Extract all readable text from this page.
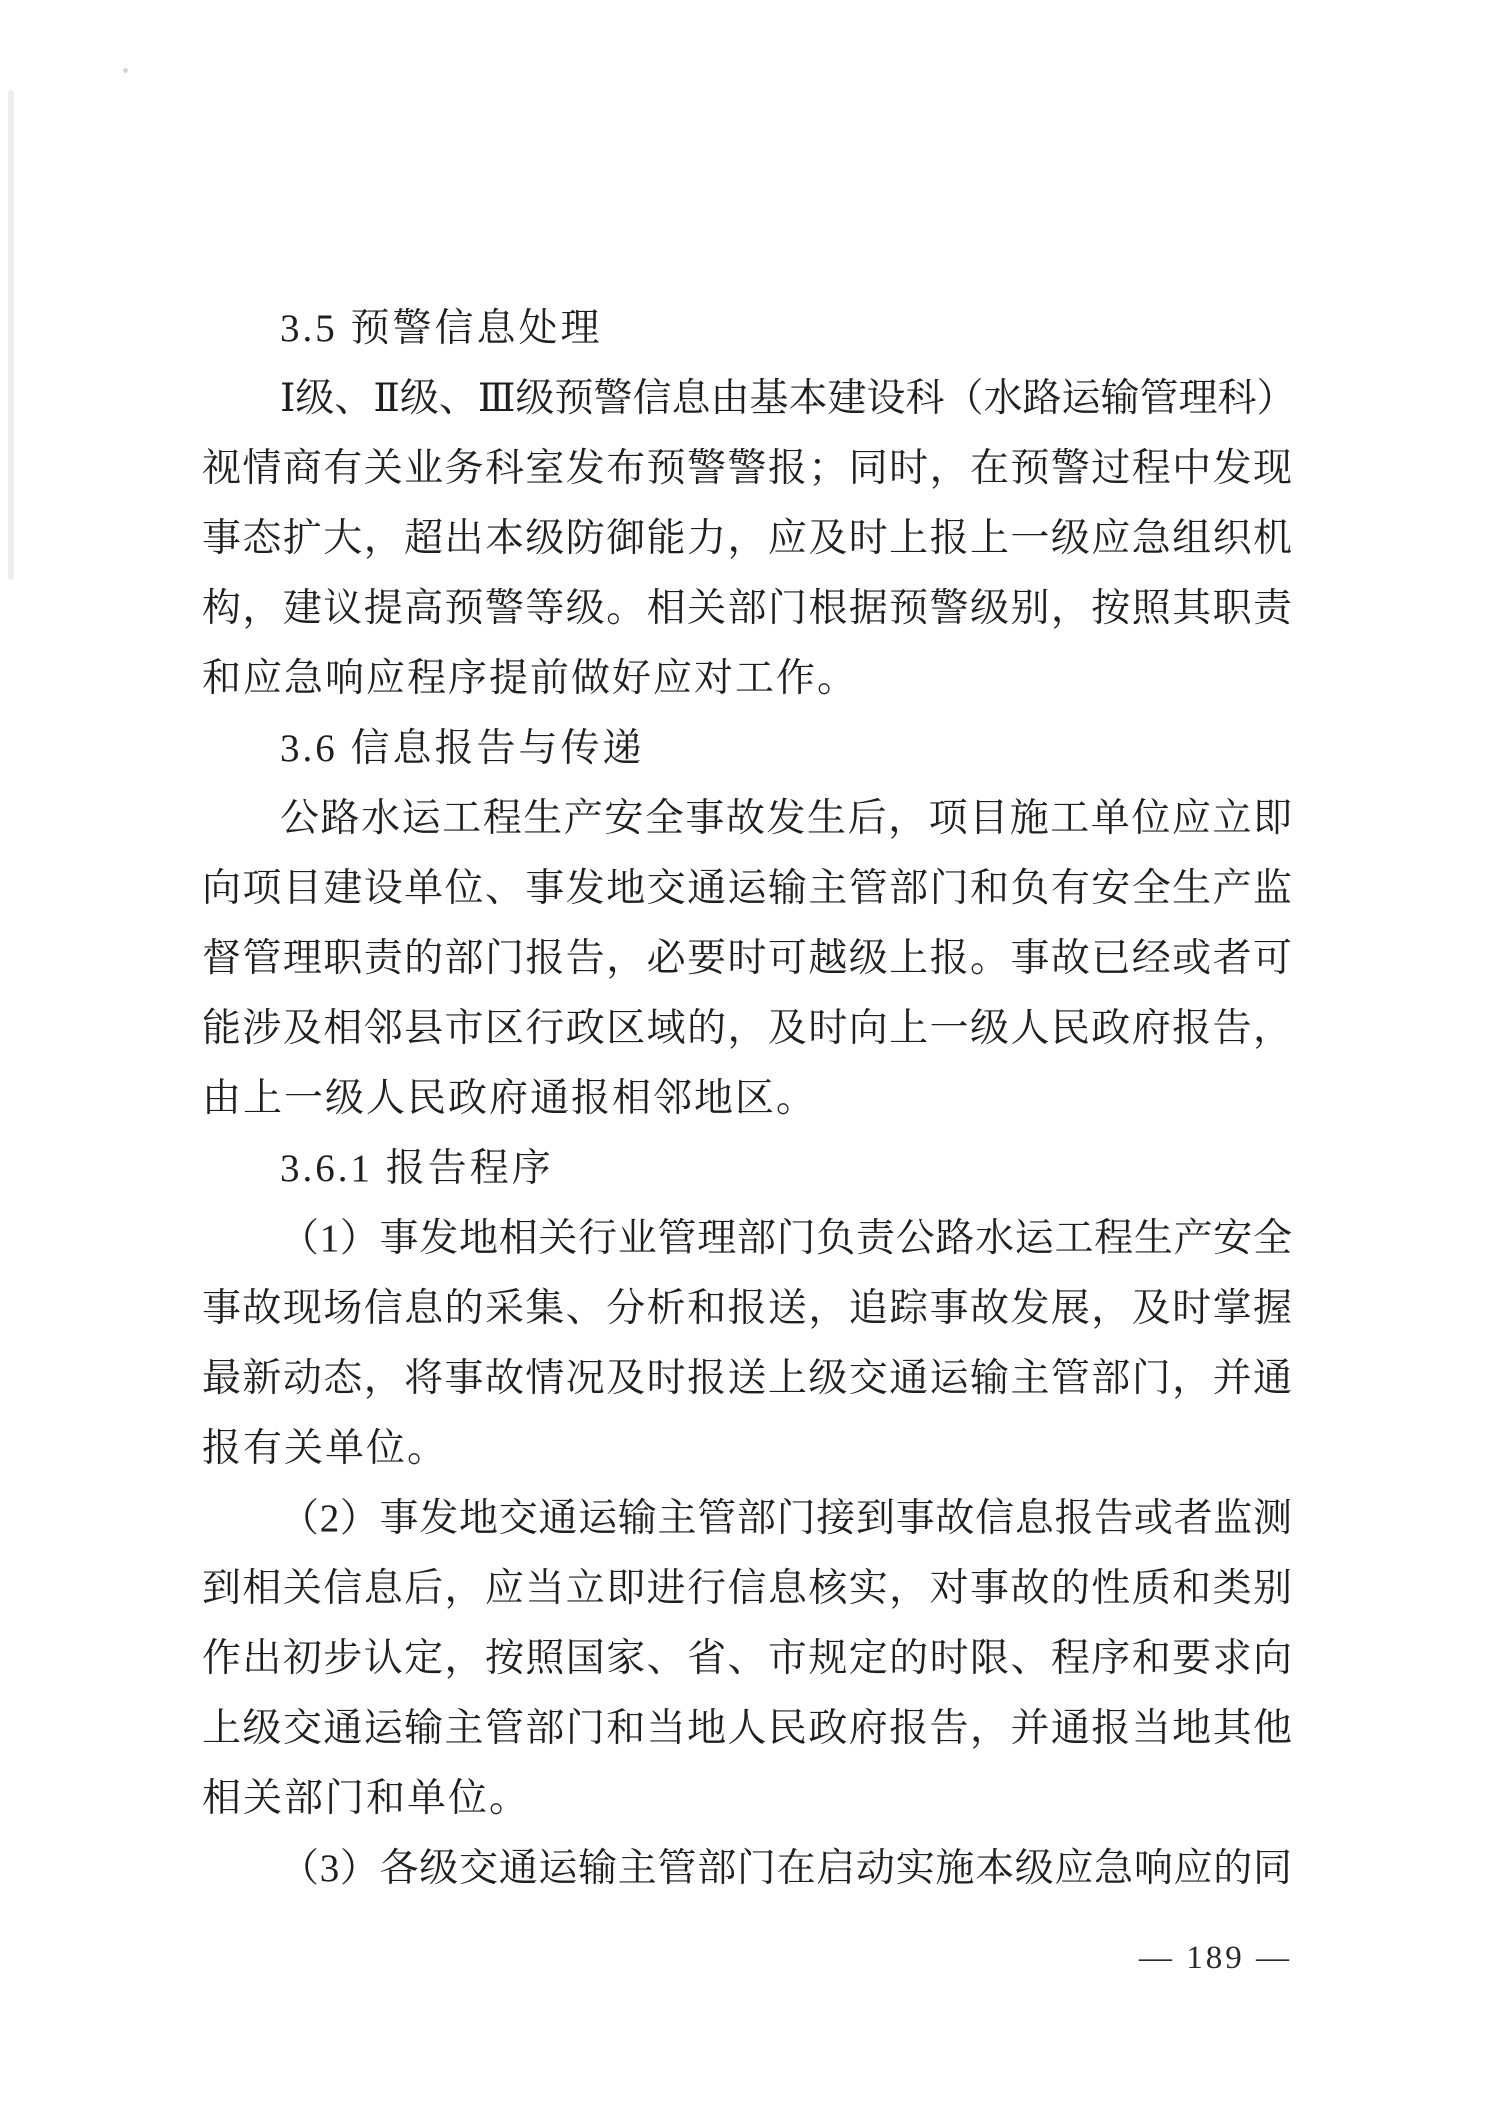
3.5 预警信息处理
Ⅰ级、Ⅱ级、Ⅲ级预警信息由基本建设科（水路运输管理科）
视情商有关业务科室发布预警警报；同时，在预警过程中发现
事态扩大，超出本级防御能力，应及时上报上一级应急组织机
构，建议提高预警等级。相关部门根据预警级别，按照其职责
和应急响应程序提前做好应对工作。
3.6 信息报告与传递
公路水运工程生产安全事故发生后，项目施工单位应立即
向项目建设单位、事发地交通运输主管部门和负有安全生产监
督管理职责的部门报告，必要时可越级上报。事故已经或者可
能涉及相邻县市区行政区域的，及时向上一级人民政府报告，
由上一级人民政府通报相邻地区。
3.6.1 报告程序
（1）事发地相关行业管理部门负责公路水运工程生产安全
事故现场信息的采集、分析和报送，追踪事故发展，及时掌握
最新动态，将事故情况及时报送上级交通运输主管部门，并通
报有关单位。
（2）事发地交通运输主管部门接到事故信息报告或者监测
到相关信息后，应当立即进行信息核实，对事故的性质和类别
作出初步认定，按照国家、省、市规定的时限、程序和要求向
上级交通运输主管部门和当地人民政府报告，并通报当地其他
相关部门和单位。
（3）各级交通运输主管部门在启动实施本级应急响应的同
— 189 —
